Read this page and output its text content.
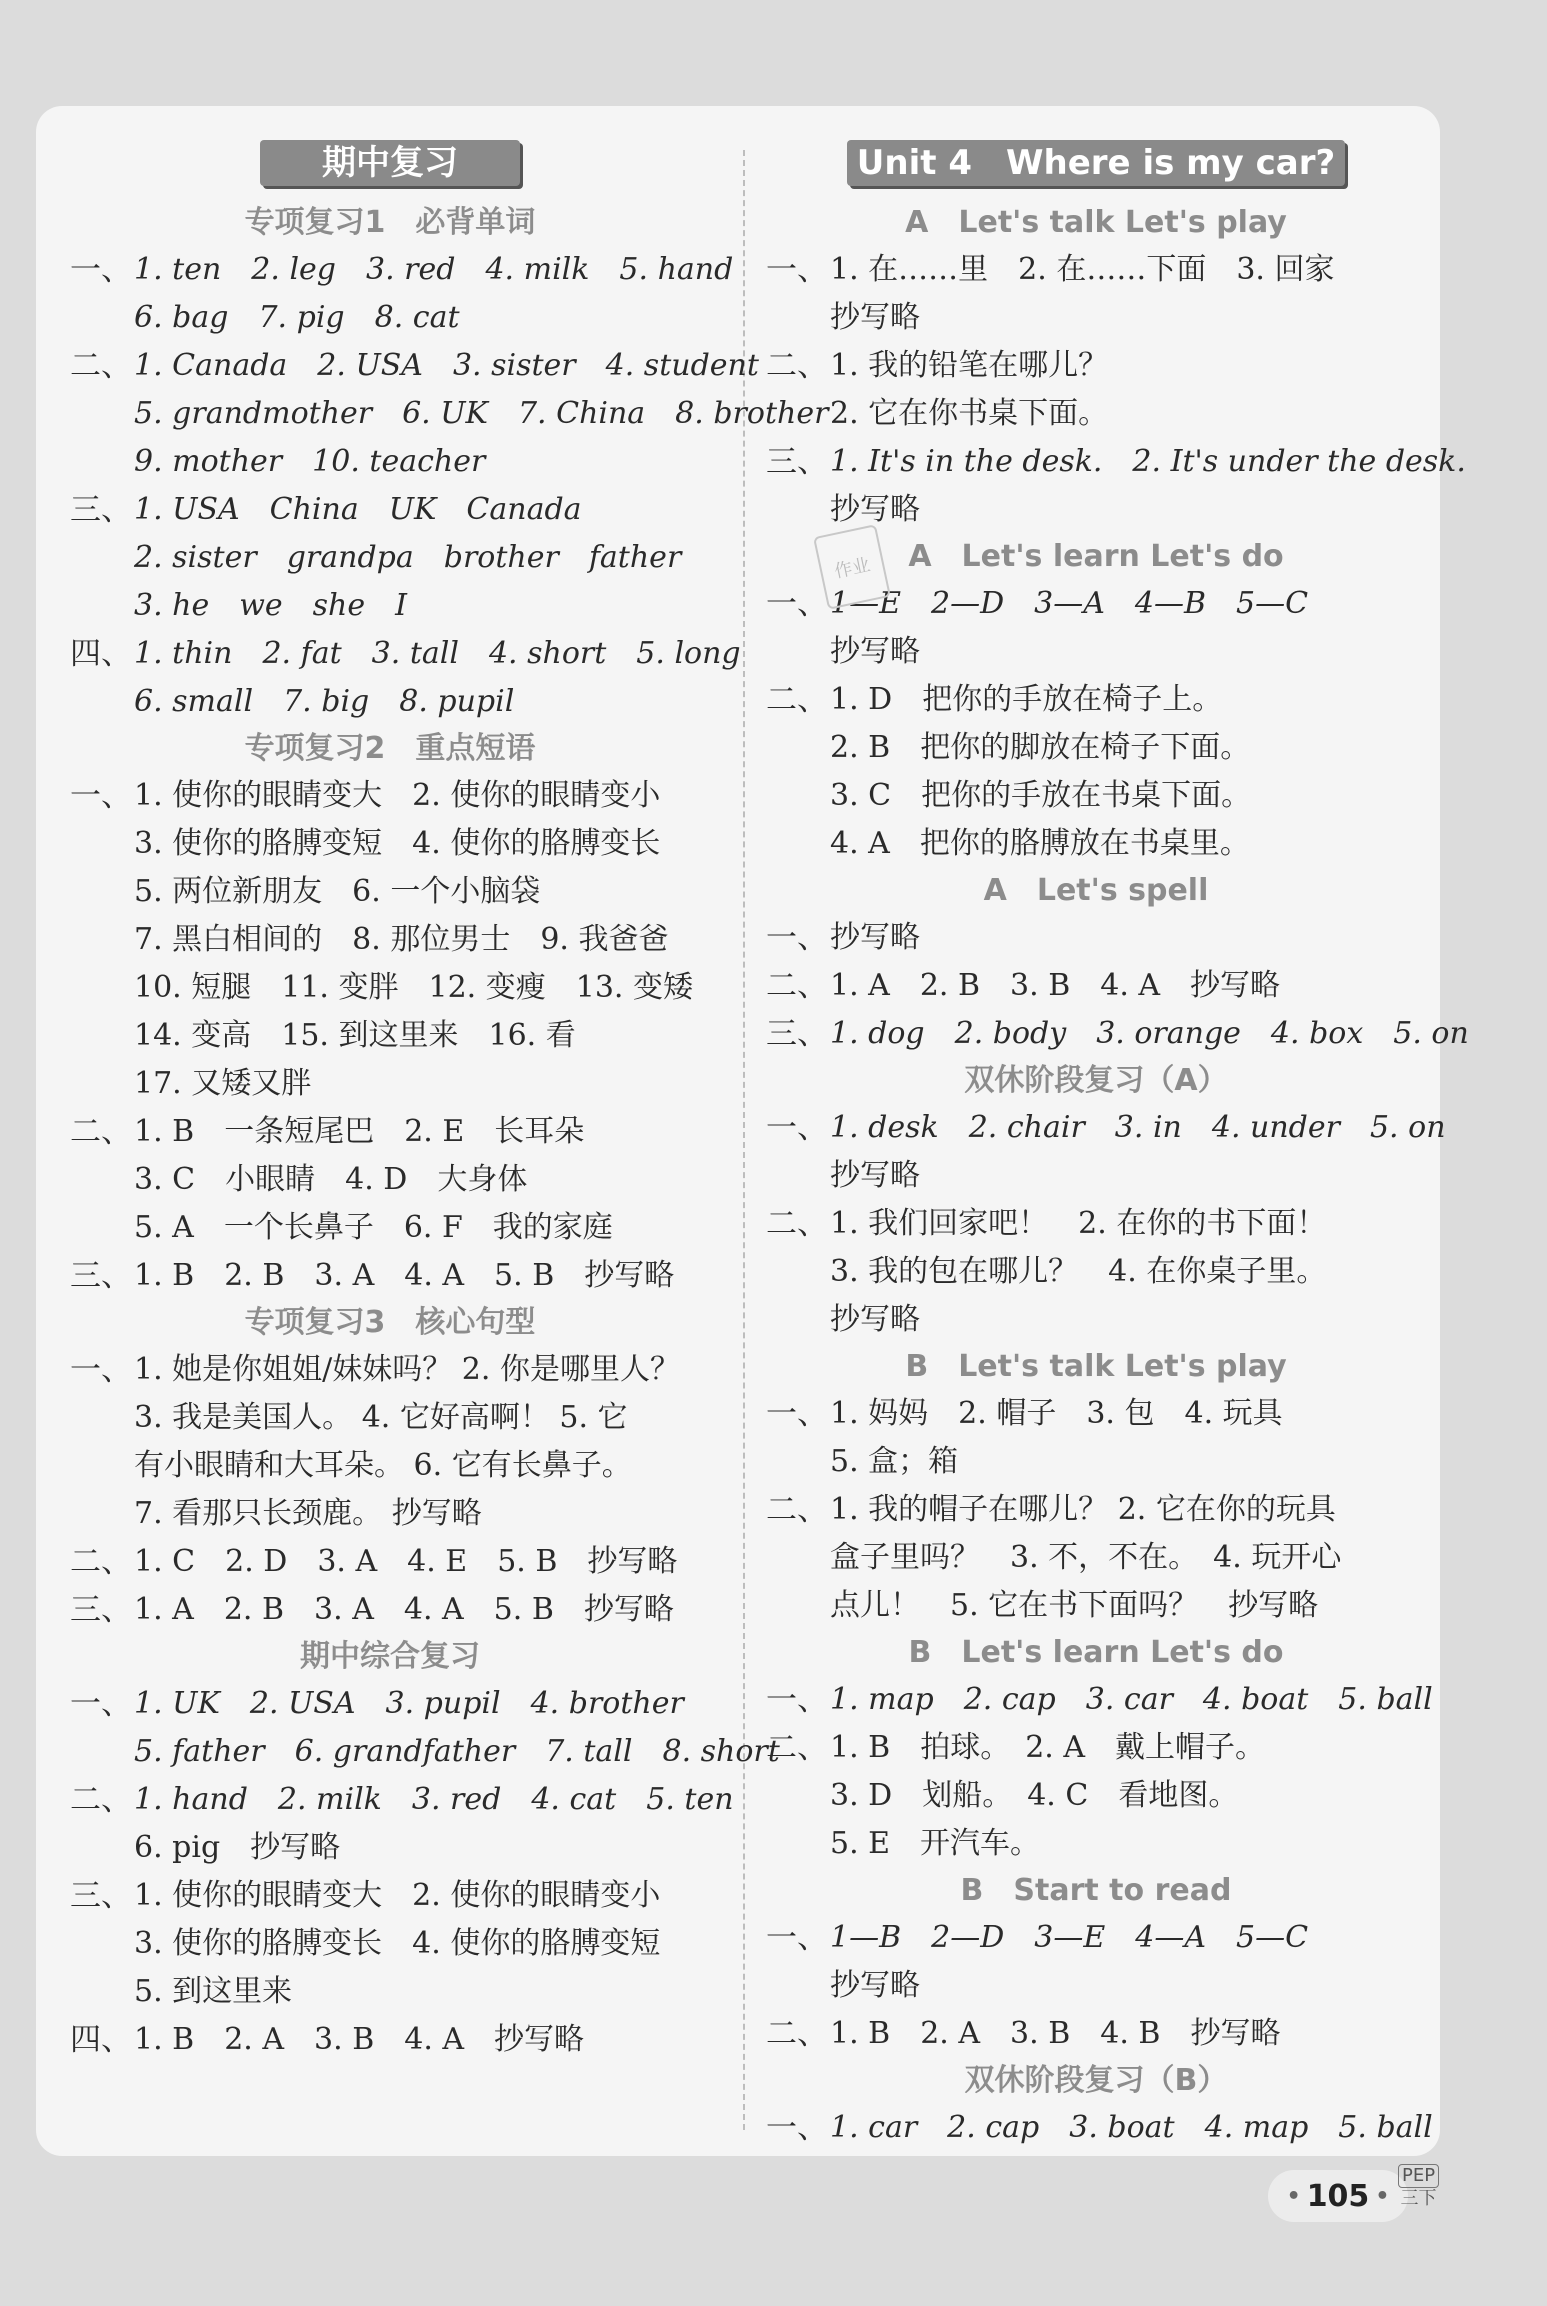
期中复习
专项复习1　必背单词
一、 1. ten　2. leg　3. red　4. milk　5. hand
6. bag　7. pig　8. cat
二、 1. Canada　2. USA　3. sister　4. student
5. grandmother　6. UK　7. China　8. brother
9. mother　10. teacher
三、 1. USA　China　UK　Canada
2. sister　grandpa　brother　father
3. he　we　she　I
四、 1. thin　2. fat　3. tall　4. short　5. long
6. small　7. big　8. pupil
专项复习2　重点短语
一、 1. 使你的眼睛变大　2. 使你的眼睛变小
3. 使你的胳膊变短　4. 使你的胳膊变长
5. 两位新朋友　6. 一个小脑袋
7. 黑白相间的　8. 那位男士　9. 我爸爸
10. 短腿　11. 变胖　12. 变瘦　13. 变矮
14. 变高　15. 到这里来　16. 看
17. 又矮又胖
二、 1. B　一条短尾巴　2. E　长耳朵
3. C　小眼睛　4. D　大身体
5. A　一个长鼻子　6. F　我的家庭
三、 1. B　2. B　3. A　4. A　5. B　抄写略
专项复习3　核心句型
一、 1. 她是你姐姐/妹妹吗？ 2. 你是哪里人？
3. 我是美国人。 4. 它好高啊！ 5. 它
有小眼睛和大耳朵。 6. 它有长鼻子。
7. 看那只长颈鹿。 抄写略
二、 1. C　2. D　3. A　4. E　5. B　抄写略
三、 1. A　2. B　3. A　4. A　5. B　抄写略
期中综合复习
一、 1. UK　2. USA　3. pupil　4. brother
5. father　6. grandfather　7. tall　8. short
二、 1. hand　2. milk　3. red　4. cat　5. ten
6. pig　抄写略
三、 1. 使你的眼睛变大　2. 使你的眼睛变小
3. 使你的胳膊变长　4. 使你的胳膊变短
5. 到这里来
四、 1. B　2. A　3. B　4. A　抄写略
Unit 4　Where is my car?
A　Let's talk Let's play
一、 1. 在……里　2. 在……下面　3. 回家
抄写略
二、 1. 我的铅笔在哪儿？
2. 它在你书桌下面。
三、 1. It's in the desk.　2. It's under the desk.
抄写略
A　Let's learn Let's do
一、 1—E　2—D　3—A　4—B　5—C
抄写略
二、 1. D　把你的手放在椅子上。
2. B　把你的脚放在椅子下面。
3. C　把你的手放在书桌下面。
4. A　把你的胳膊放在书桌里。
A　Let's spell
一、 抄写略
二、 1. A　2. B　3. B　4. A　抄写略
三、 1. dog　2. body　3. orange　4. box　5. on
双休阶段复习（A）
一、 1. desk　2. chair　3. in　4. under　5. on
抄写略
二、 1. 我们回家吧！　2. 在你的书下面！
3. 我的包在哪儿？　4. 在你桌子里。
抄写略
B　Let's talk Let's play
一、 1. 妈妈　2. 帽子　3. 包　4. 玩具
5. 盒；箱
二、 1. 我的帽子在哪儿？ 2. 它在你的玩具
盒子里吗？　3. 不，不在。　4. 玩开心
点儿！　5. 它在书下面吗？　抄写略
B　Let's learn Let's do
一、 1. map　2. cap　3. car　4. boat　5. ball
二、 1. B　拍球。　2. A　戴上帽子。
3. D　划船。　4. C　看地图。
5. E　开汽车。
B　Start to read
一、 1—B　2—D　3—E　4—A　5—C
抄写略
二、 1. B　2. A　3. B　4. B　抄写略
双休阶段复习（B）
一、 1. car　2. cap　3. boat　4. map　5. ball
作业
• 105 •
PEP
三下
